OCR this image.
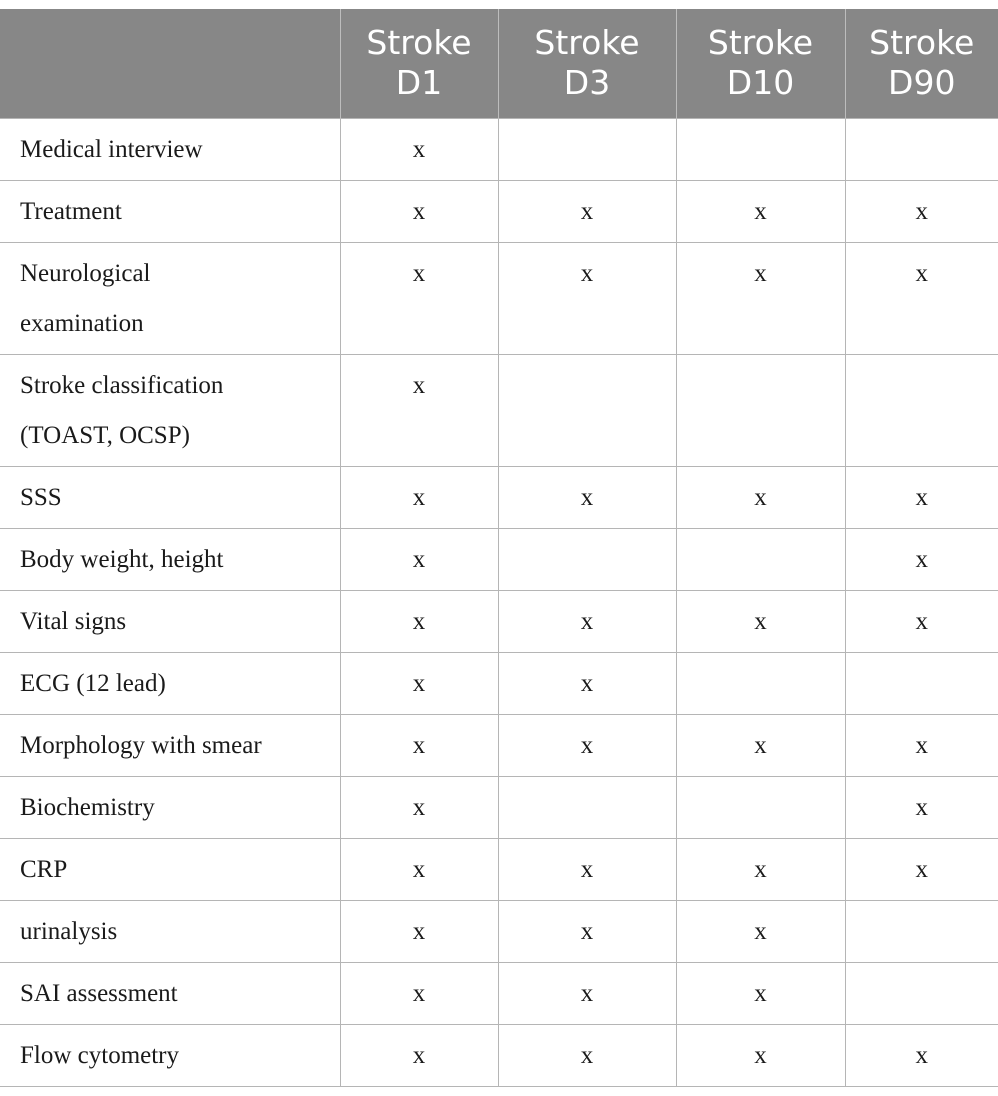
	Stroke D1	Stroke D3	Stroke D10	Stroke D90
Medical interview	x			
Treatment	x	x	x	x

Neurological examination	x	x	x	x

Stroke classification (TOAST, OCSP)	x			
SSS	x	x	x	x
Body weight, height	x			x
Vital signs	x	x	x	x
ECG (12 lead)	x	x		
Morphology with smear	x	x	x	x
Biochemistry	x			x
CRP	x	x	x	x
urinalysis	x	x	x	
SAI assessment	x	x	x	
Flow cytometry	x	x	x	x
